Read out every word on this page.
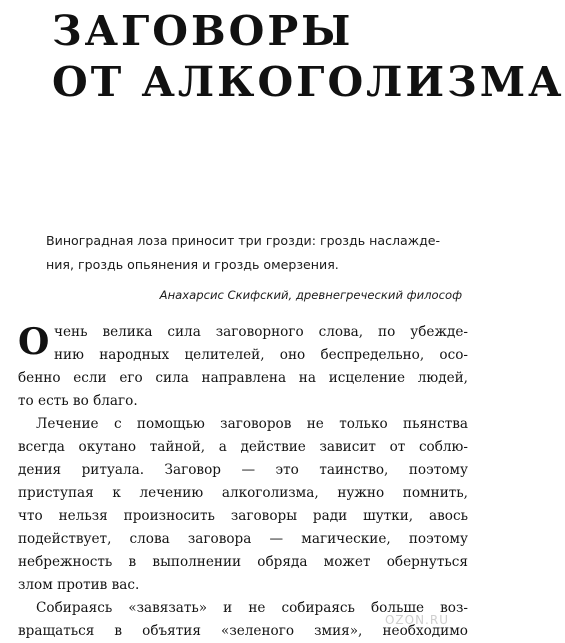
ЗАГОВОРЫ
ОТ АЛКОГОЛИЗМА

Виноградная лоза приносит три грозди: гроздь наслажде-

ния, гроздь опьянения и гроздь омерзения.

Анахарсис Скифский, древнегреческий философ
О чень велика сила заговорного слова, по убежде-
нию народных целителей, оно беспредельно, осо-
бенно если его сила направлена на исцеление людей,
то есть во благо.
Лечение с помощью заговоров не только пьянства
всегда окутано тайной, а действие зависит от соблю-
дения ритуала. Заговор — это таинство, поэтому
приступая к лечению алкоголизма, нужно помнить,
что нельзя произносить заговоры ради шутки, авось
подействует, слова заговора — магические, поэтому
небрежность в выполнении обряда может обернуться
злом против вас.
Собираясь «завязать» и не собираясь больше воз-
вращаться в объятия «зеленого змия», необходимо
OZON.RU
